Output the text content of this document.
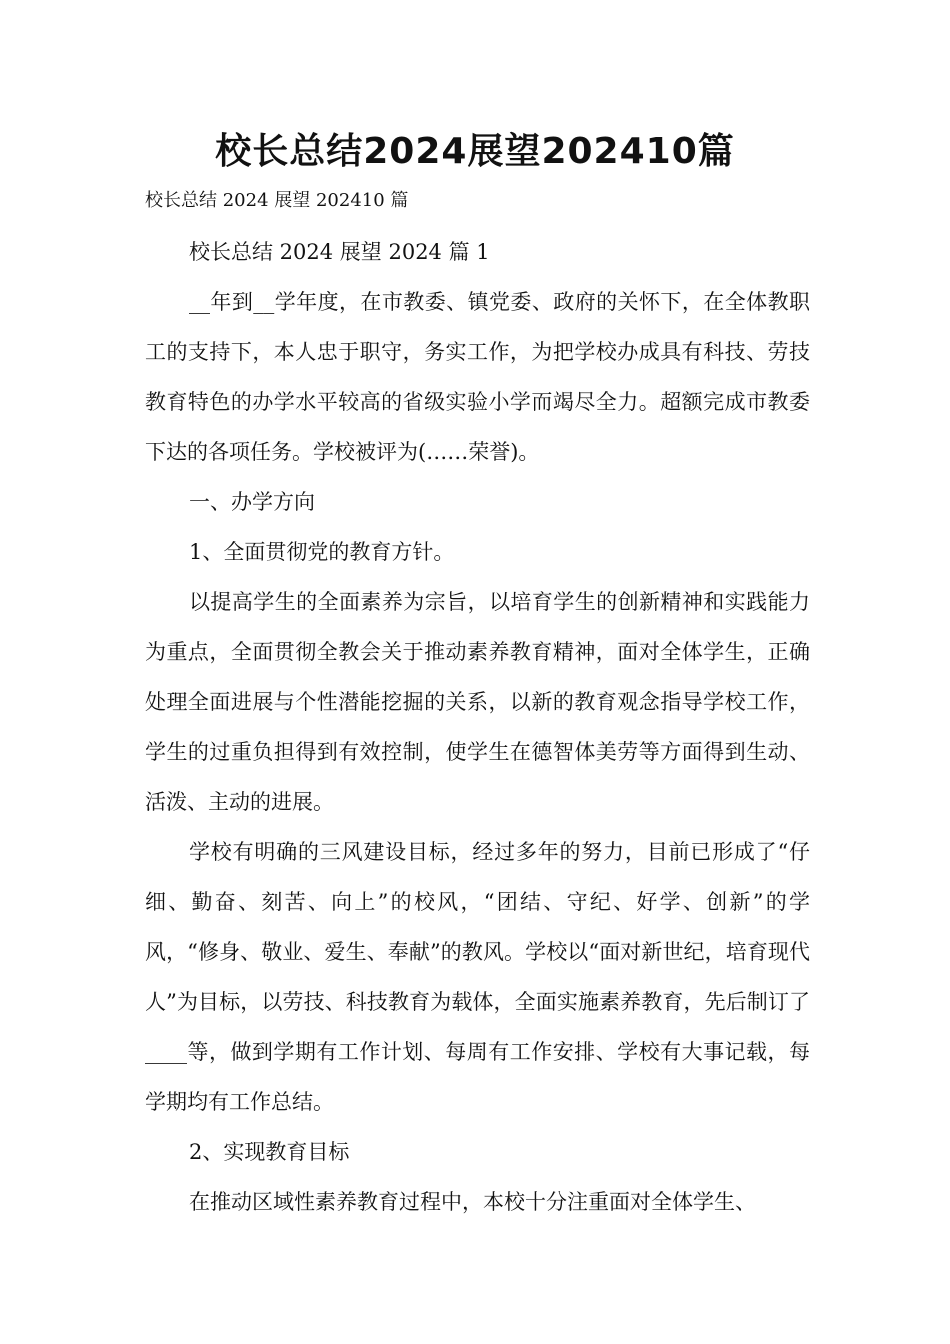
校长总结2024展望202410篇

校长总结 2024 展望 202410 篇

校长总结 2024 展望 2024 篇 1

__年到__学年度，在市教委、镇党委、政府的关怀下，在全体教职工的支持下，本人忠于职守，务实工作，为把学校办成具有科技、劳技教育特色的办学水平较高的省级实验小学而竭尽全力。超额完成市教委下达的各项任务。学校被评为(……荣誉)。

一、办学方向

1、全面贯彻党的教育方针。

以提高学生的全面素养为宗旨，以培育学生的创新精神和实践能力为重点，全面贯彻全教会关于推动素养教育精神，面对全体学生，正确处理全面进展与个性潜能挖掘的关系，以新的教育观念指导学校工作，学生的过重负担得到有效控制，使学生在德智体美劳等方面得到生动、活泼、主动的进展。

学校有明确的三风建设目标，经过多年的努力，目前已形成了“仔细、勤奋、刻苦、向上”的校风，“团结、守纪、好学、创新”的学风，“修身、敬业、爱生、奉献”的教风。学校以“面对新世纪，培育现代人”为目标，以劳技、科技教育为载体，全面实施素养教育，先后制订了____等，做到学期有工作计划、每周有工作安排、学校有大事记载，每学期均有工作总结。

2、实现教育目标

在推动区域性素养教育过程中，本校十分注重面对全体学生、
